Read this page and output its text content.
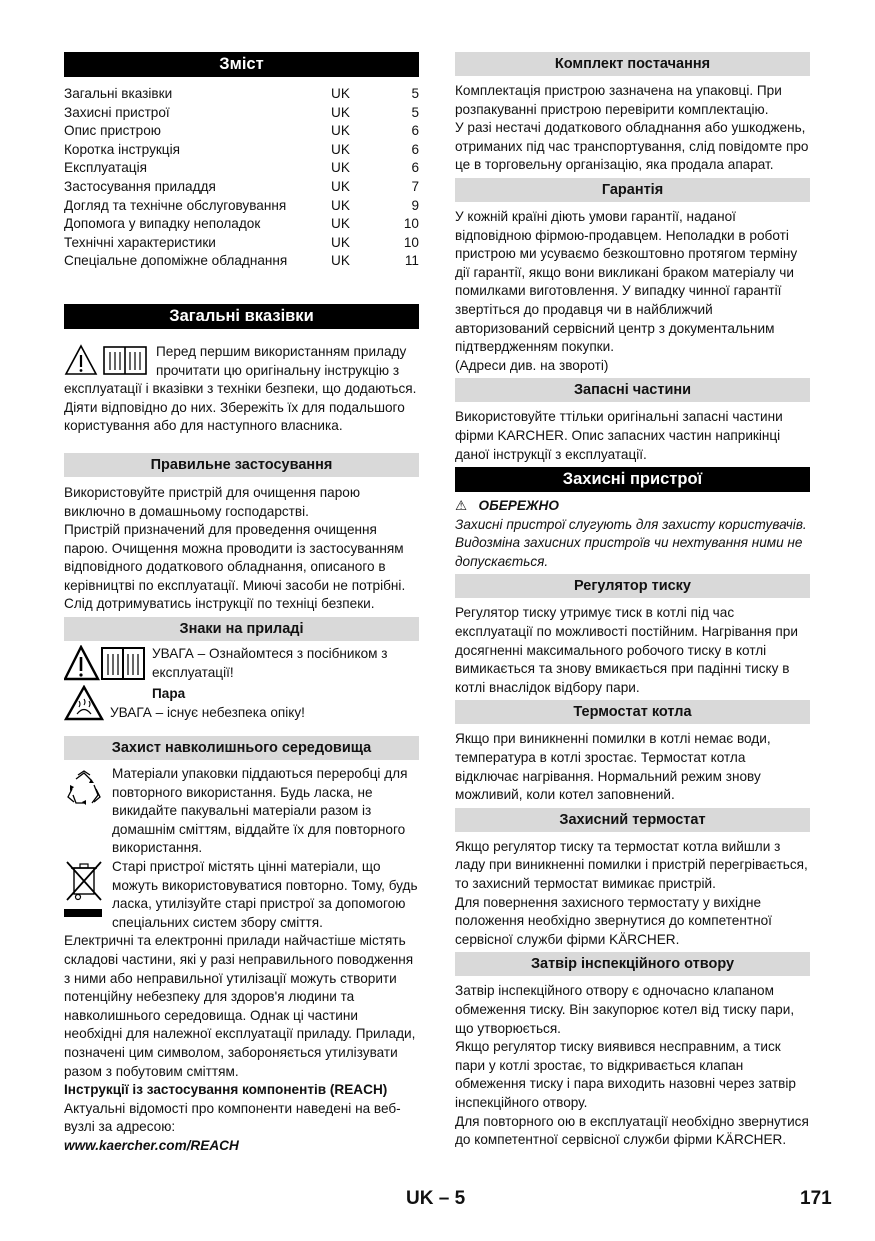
Зміст
Загальні вказівки	UK	5
Захисні пристрої	UK	5
Опис пристрою	UK	6
Коротка інструкція	UK	6
Експлуатація	UK	6
Застосування приладдя	UK	7
Догляд та технічне обслуговування	UK	9
Допомога у випадку неполадок	UK	10
Технічні характеристики	UK	10
Спеціальне допоміжне обладнання	UK	11
Загальні вказівки

Перед першим використанням приладу прочитати цю оригінальну інструкцію з експлуатації і вказівки з техніки безпеки, що додаються. Діяти відповідно до них. Збережіть їх для подальшого користування або для наступного власника.

Правильне застосування

Використовуйте пристрій для очищення парою виключно в домашньому господарстві.

Пристрій призначений для проведення очищення парою. Очищення можна проводити із застосуванням відповідного додаткового обладнання, описаного в керівництві по експлуатації. Миючі засоби не потрібні. Слід дотримуватись інструкції по техніці безпеки.

Знаки на приладі

УВАГА – Ознайомтеся з посібником з експлуатації!

Пара

УВАГА – існує небезпека опіку!

Захист навколишнього середовища

Матеріали упаковки піддаються переробці для повторного використання. Будь ласка, не викидайте пакувальні матеріали разом із домашнім сміттям, віддайте їх для повторного використання.

Старі пристрої містять цінні матеріали, що можуть використовуватися повторно. Тому, будь ласка, утилізуйте старі пристрої за допомогою спеціальних систем збору сміття.

Електричні та електронні прилади найчастіше містять складові частини, які у разі неправильного поводження з ними або неправильної утилізації можуть створити потенційну небезпеку для здоров'я людини та навколишнього середовища. Однак ці частини необхідні для належної експлуатації приладу. Прилади, позначені цим символом, забороняється утилізувати разом з побутовим сміттям.

Інструкції із застосування компонентів (REACH)

Актуальні відомості про компоненти наведені на веб-вузлі за адресою:

www.kaercher.com/REACH

Комплект постачання

Комплектація пристрою зазначена на упаковці. При розпакуванні пристрою перевірити комплектацію.

У разі нестачі додаткового обладнання або ушкоджень, отриманих під час транспортування, слід повідомте про це в торговельну організацію, яка продала апарат.

Гарантія

У кожній країні діють умови гарантії, наданої відповідною фірмою-продавцем. Неполадки в роботі пристрою ми усуваємо безкоштовно протягом терміну дії гарантії, якщо вони викликані браком матеріалу чи помилками виготовлення. У випадку чинної гарантії звертіться до продавця чи в найближчий авторизований сервісний центр з документальним підтвердженням покупки.

(Адреси див. на звороті)

Запасні частини

Використовуйте ттільки оригінальні запасні частини фірми KARCHER. Опис запасних частин наприкінці даної інструкції з експлуатації.

Захисні пристрої

⚠ ОБЕРЕЖНО

Захисні пристрої слугують для захисту користувачів. Видозміна захисних пристроїв чи нехтування ними не допускається.

Регулятор тиску

Регулятор тиску утримує тиск в котлі під час експлуатації по можливості постійним. Нагрівання при досягненні максимального робочого тиску в котлі вимикається та знову вмикається при падінні тиску в котлі внаслідок відбору пари.

Термостат котла

Якщо при виникненні помилки в котлі немає води, температура в котлі зростає. Термостат котла відключає нагрівання. Нормальний режим знову можливий, коли котел заповнений.

Захисний термостат

Якщо регулятор тиску та термостат котла вийшли з ладу при виникненні помилки і пристрій перегрівається, то захисний термостат вимикає пристрій.

Для повернення захисного термостату у вихідне положення необхідно звернутися до компетентної сервісної служби фірми KÄRCHER.

Затвір інспекційного отвору

Затвір інспекційного отвору є одночасно клапаном обмеження тиску. Він закупорює котел від тиску пари, що утворюється.

Якщо регулятор тиску виявився несправним, а тиск пари у котлі зростає, то відкривається клапан обмеження тиску і пара виходить назовні через затвір інспекційного отвору.

Для повторного ою в експлуатації необхідно звернутися до компетентної сервісної служби фірми KÄRCHER.

UK – 5	171
